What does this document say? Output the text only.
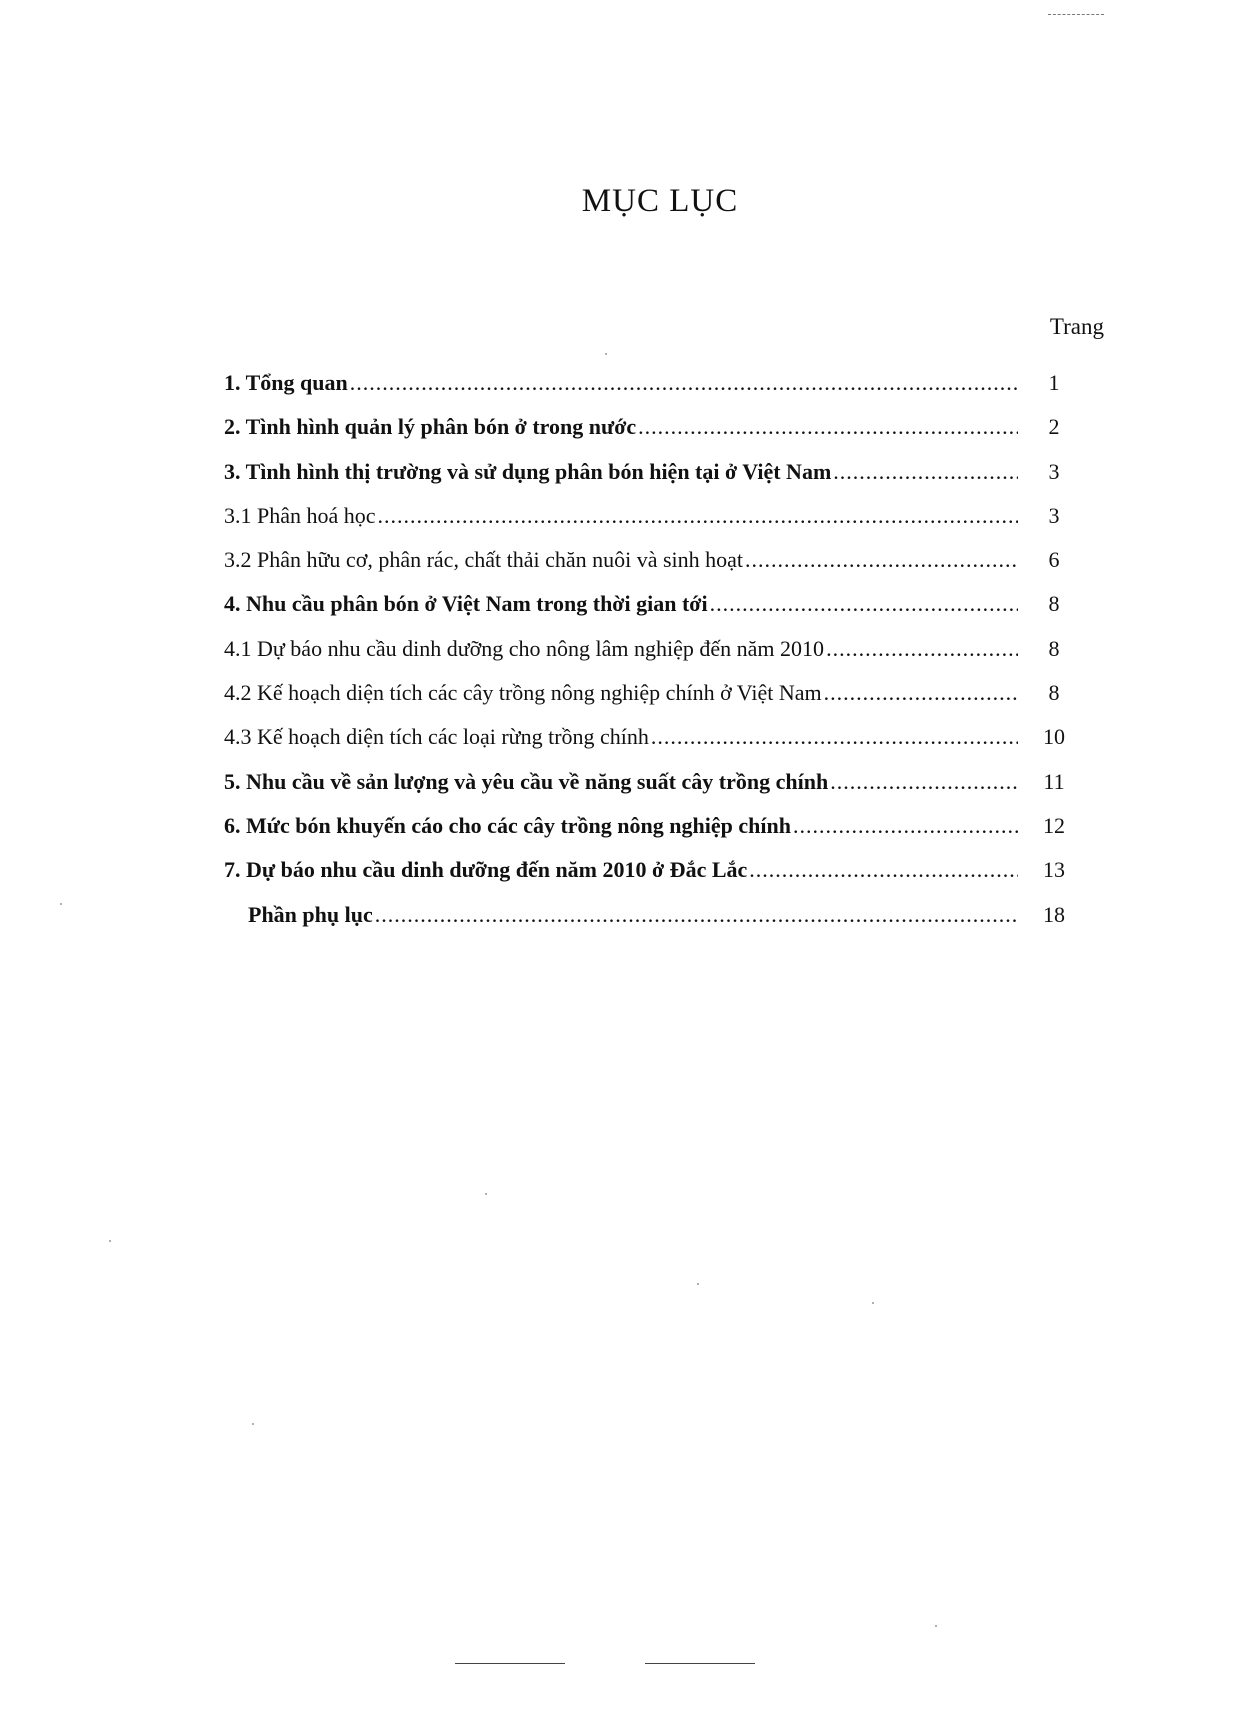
MỤC LỤC
Trang
1. Tổng quan .....	1
2. Tình hình quản lý phân bón ở trong nước .....	2
3. Tình hình thị trường và sử dụng phân bón hiện tại ở Việt Nam .....	3
3.1 Phân hoá học .....	3
3.2 Phân hữu cơ, phân rác, chất thải chăn nuôi và sinh hoạt .....	6
4. Nhu cầu phân bón ở Việt Nam trong thời gian tới .....	8
4.1 Dự báo nhu cầu dinh dưỡng cho nông lâm nghiệp đến năm 2010 .....	8
4.2 Kế hoạch diện tích các cây trồng nông nghiệp chính ở Việt Nam .....	8
4.3 Kế hoạch diện tích các loại rừng trồng chính .....	10
5. Nhu cầu về sản lượng và yêu cầu về năng suất cây trồng chính .....	11
6. Mức bón khuyến cáo cho các cây trồng nông nghiệp chính .....	12
7. Dự báo nhu cầu dinh dưỡng đến năm 2010 ở Đắc Lắc .....	13
Phần phụ lục .....	18
